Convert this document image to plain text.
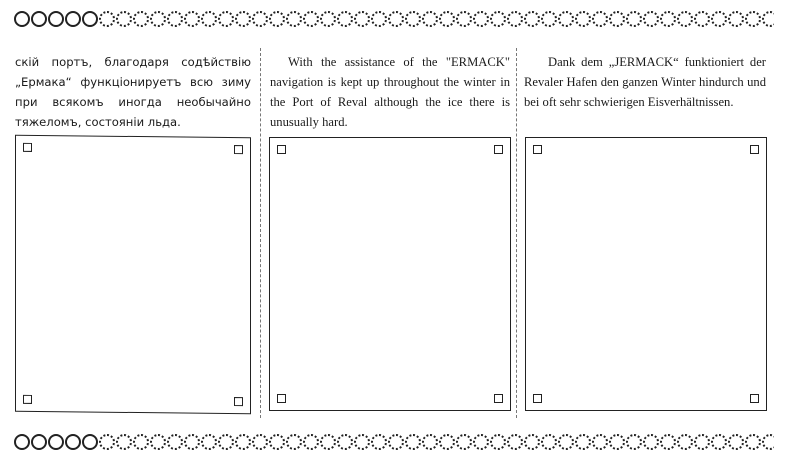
скій портъ, благодаря содѣйствію „Ермака“ функціонируетъ всю зиму при всякомъ иногда необычайно тяжеломъ, состояніи льда.
With the assistance of the "ERMACK" navigation is kept up throughout the winter in the Port of Reval although the ice there is unusually hard.
Dank dem „JERMACK“ funktioniert der Revaler Hafen den ganzen Winter hindurch und bei oft sehr schwierigen Eisverhältnissen.
